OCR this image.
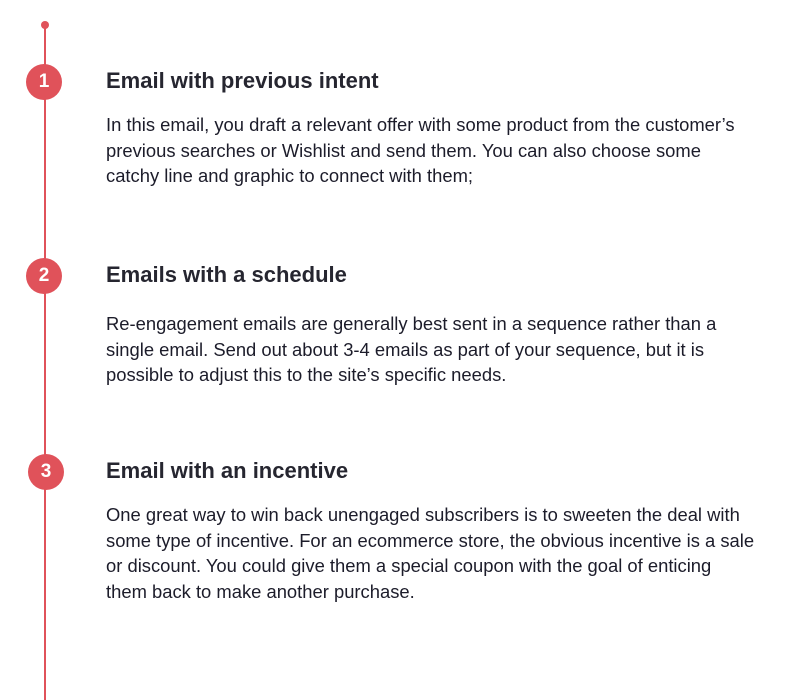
1	Email with previous intent

In this email, you draft a relevant offer with some product from the customer’s previous searches or Wishlist and send them. You can also choose some catchy line and graphic to connect with them;

2	Emails with a schedule

Re-engagement emails are generally best sent in a sequence rather than a single email. Send out about 3-4 emails as part of your sequence, but it is possible to adjust this to the site’s specific needs.

3	Email with an incentive

One great way to win back unengaged subscribers is to sweeten the deal with some type of incentive. For an ecommerce store, the obvious incentive is a sale or discount. You could give them a special coupon with the goal of enticing them back to make another purchase.
